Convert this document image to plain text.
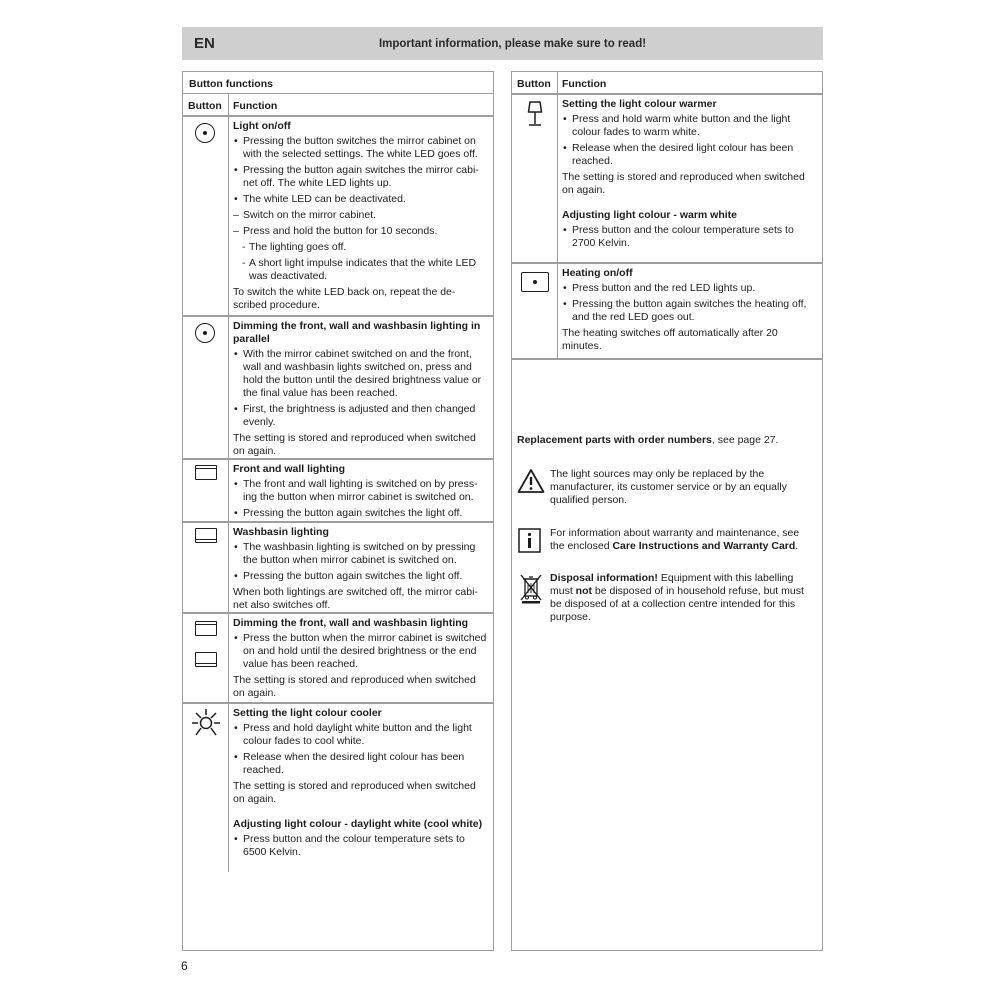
EN	Important information, please make sure to read!
Button functions
Button	Function
Light on/off
• Pressing the button switches the mirror cabinet on with the selected settings. The white LED goes off.
• Pressing the button again switches the mirror cabi-net off. The white LED lights up.
• The white LED can be deactivated.
– Switch on the mirror cabinet.
– Press and hold the button for 10 seconds.
- The lighting goes off.
- A short light impulse indicates that the white LED was deactivated.

To switch the white LED back on, repeat the de-scribed procedure.

Dimming the front, wall and washbasin lighting in parallel
• With the mirror cabinet switched on and the front, wall and washbasin lights switched on, press and hold the button until the desired brightness value or the final value has been reached.
• First, the brightness is adjusted and then changed evenly.

The setting is stored and reproduced when switched on again.

Front and wall lighting
• The front and wall lighting is switched on by press-ing the button when mirror cabinet is switched on.
• Pressing the button again switches the light off.
Washbasin lighting
• The washbasin lighting is switched on by pressing the button when mirror cabinet is switched on.
• Pressing the button again switches the light off.

When both lightings are switched off, the mirror cabi-net also switches off.

Dimming the front, wall and washbasin lighting
• Press the button when the mirror cabinet is switched on and hold until the desired brightness or the end value has been reached.

The setting is stored and reproduced when switched on again.

Setting the light colour cooler
• Press and hold daylight white button and the light colour fades to cool white.
• Release when the desired light colour has been reached.

The setting is stored and reproduced when switched on again.

Adjusting light colour - daylight white (cool white)
• Press button and the colour temperature sets to 6500 Kelvin.
Button	Function
Setting the light colour warmer
• Press and hold warm white button and the light colour fades to warm white.
• Release when the desired light colour has been reached.

The setting is stored and reproduced when switched on again.

Adjusting light colour - warm white
• Press button and the colour temperature sets to 2700 Kelvin.
Heating on/off
• Press button and the red LED lights up.
• Pressing the button again switches the heating off, and the red LED goes out.

The heating switches off automatically after 20 minutes.

Replacement parts with order numbers, see page 27.
The light sources may only be replaced by the manufacturer, its customer service or by an equally qualified person.
For information about warranty and maintenance, see the enclosed Care Instructions and Warranty Card.
Disposal information! Equipment with this labelling must not be disposed of in household refuse, but must be disposed of at a collection centre intended for this purpose.
6
